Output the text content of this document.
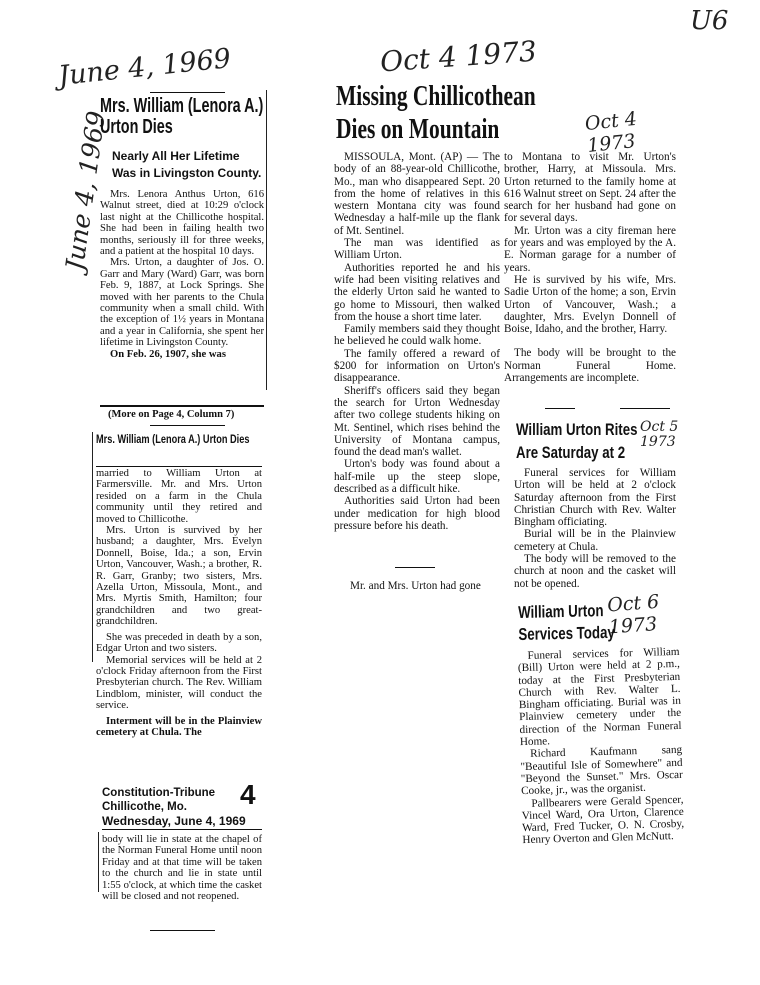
June 4, 1969	Oct 4 1973
U6
June 4, 1969	Oct 4 1973
Oct 5 1973
Oct 6 1973
Mrs. William (Lenora A.) Urton Dies
Nearly All Her Lifetime Was in Livingston County.

Mrs. Lenora Anthus Urton, 616 Walnut street, died at 10:29 o'clock last night at the Chillicothe hospital. She had been in failing health two months, seriously ill for three weeks, and a patient at the hospital 10 days.

Mrs. Urton, a daughter of Jos. O. Garr and Mary (Ward) Garr, was born Feb. 9, 1887, at Lock Springs. She moved with her parents to the Chula community when a small child. With the exception of 1½ years in Montana and a year in California, she spent her lifetime in Livingston County.

On Feb. 26, 1907, she was

(More on Page 4, Column 7)
Mrs. William (Lenora A.) Urton Dies

married to William Urton at Farmersville. Mr. and Mrs. Urton resided on a farm in the Chula community until they retired and moved to Chillicothe.

Mrs. Urton is survived by her husband; a daughter, Mrs. Evelyn Donnell, Boise, Ida.; a son, Ervin Urton, Vancouver, Wash.; a brother, R. R. Garr, Granby; two sisters, Mrs. Azella Urton, Missoula, Mont., and Mrs. Myrtis Smith, Hamilton; four grandchildren and two great-grandchildren.

She was preceded in death by a son, Edgar Urton and two sisters.

Memorial services will be held at 2 o'clock Friday afternoon from the First Presbyterian church. The Rev. William Lindblom, minister, will conduct the service.

Interment will be in the Plainview cemetery at Chula. The

Constitution-Tribune
Chillicothe, Mo.
Wednesday, June 4, 1969
4
body will lie in state at the chapel of the Norman Funeral Home until noon Friday and at that time will be taken to the church and lie in state until 1:55 o'clock, at which time the casket will be closed and not reopened.
Missing Chillicothean Dies on Mountain

MISSOULA, Mont. (AP) — The body of an 88-year-old Chillicothe, Mo., man who disappeared Sept. 20 from the home of relatives in this western Montana city was found Wednesday a half-mile up the flank of Mt. Sentinel.

The man was identified as William Urton.

Authorities reported he and his wife had been visiting relatives and the elderly Urton said he wanted to go home to Missouri, then walked from the house a short time later.

Family members said they thought he believed he could walk home.

The family offered a reward of $200 for information on Urton's disappearance.

Sheriff's officers said they began the search for Urton Wednesday after two college students hiking on Mt. Sentinel, which rises behind the University of Montana campus, found the dead man's wallet.

Urton's body was found about a half-mile up the steep slope, described as a difficult hike.

Authorities said Urton had been under medication for high blood pressure before his death.

Mr. and Mrs. Urton had gone

to Montana to visit Mr. Urton's brother, Harry, at Missoula. Mrs. Urton returned to the family home at 616 Walnut street on Sept. 24 after the search for her husband had gone on for several days.

Mr. Urton was a city fireman here for years and was employed by the A. E. Norman garage for a number of years.

He is survived by his wife, Mrs. Sadie Urton of the home; a son, Ervin Urton of Vancouver, Wash.; a daughter, Mrs. Evelyn Donnell of Boise, Idaho, and the brother, Harry.

The body will be brought to the Norman Funeral Home. Arrangements are incomplete.

William Urton Rites Are Saturday at 2

Funeral services for William Urton will be held at 2 o'clock Saturday afternoon from the First Christian Church with Rev. Walter Bingham officiating.

Burial will be in the Plainview cemetery at Chula.

The body will be removed to the church at noon and the casket will not be opened.

William Urton Services Today

Funeral services for William (Bill) Urton were held at 2 p.m., today at the First Presbyterian Church with Rev. Walter L. Bingham officiating. Burial was in Plainview cemetery under the direction of the Norman Funeral Home.

Richard Kaufmann sang "Beautiful Isle of Somewhere" and "Beyond the Sunset." Mrs. Oscar Cooke, jr., was the organist.

Pallbearers were Gerald Spencer, Vincel Ward, Ora Urton, Clarence Ward, Fred Tucker, O. N. Crosby, Henry Overton and Glen McNutt.
